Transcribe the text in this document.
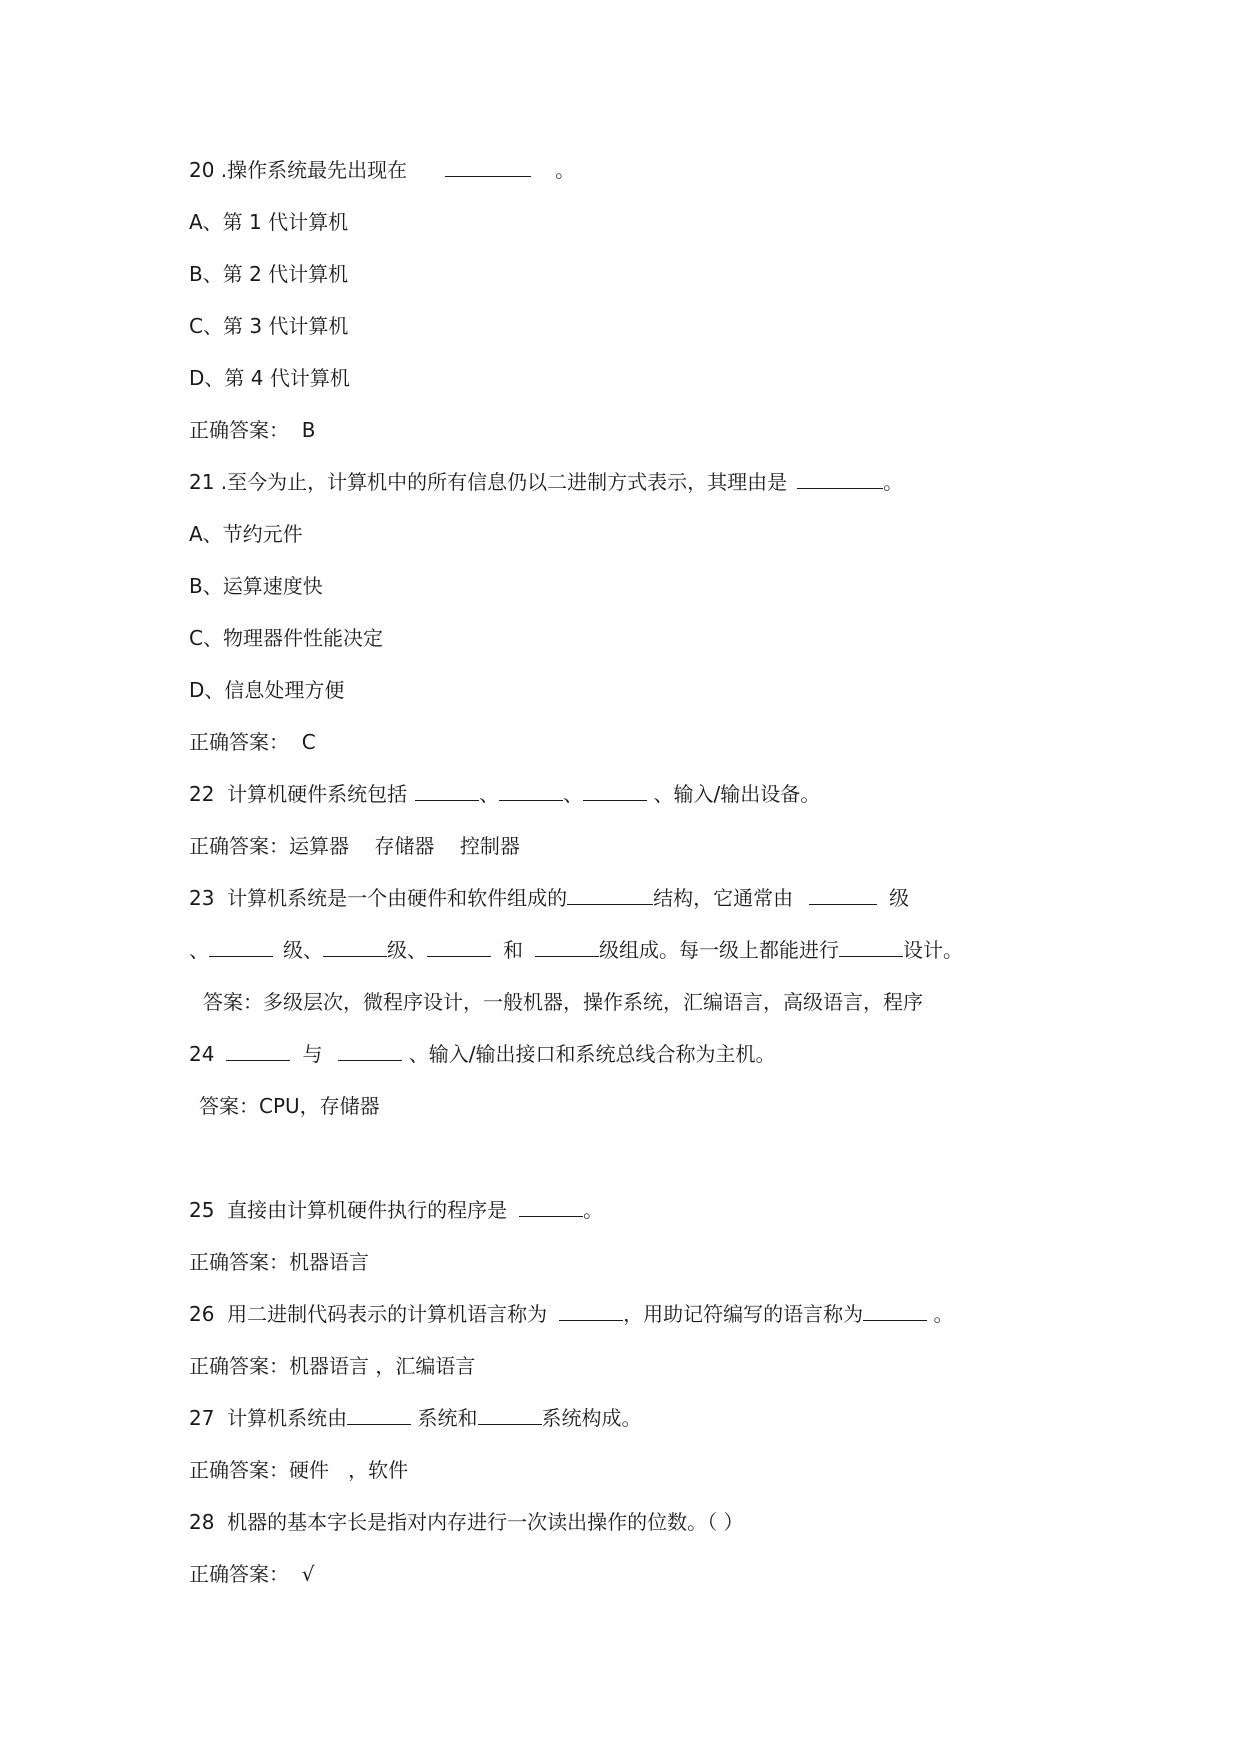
20 .操作系统最先出现在	。
A、第 1 代计算机
B、第 2 代计算机
C、第 3 代计算机
D、第 4 代计算机
正确答案：  B
21 .至今为止，计算机中的所有信息仍以二进制方式表示，其理由是	。
A、节约元件
B、运算速度快
C、物理器件性能决定
D、信息处理方便
正确答案：  C
22  计算机硬件系统包括	、	、	、输入/输出设备。
正确答案：运算器    存储器    控制器
23  计算机系统是一个由硬件和软件组成的	结构，它通常由	级
、	级、	级、	和	级组成。每一级上都能进行	设计。
答案：多级层次，微程序设计，一般机器，操作系统，汇编语言，高级语言，程序
24	与	、输入/输出接口和系统总线合称为主机。
答案：CPU，存储器
25  直接由计算机硬件执行的程序是	。
正确答案：机器语言
26  用二进制代码表示的计算机语言称为	，用助记符编写的语言称为	。
正确答案：机器语言 ，汇编语言
27  计算机系统由	系统和	系统构成。
正确答案：硬件   ，软件
28  机器的基本字长是指对内存进行一次读出操作的位数。（ ）
正确答案：  √
